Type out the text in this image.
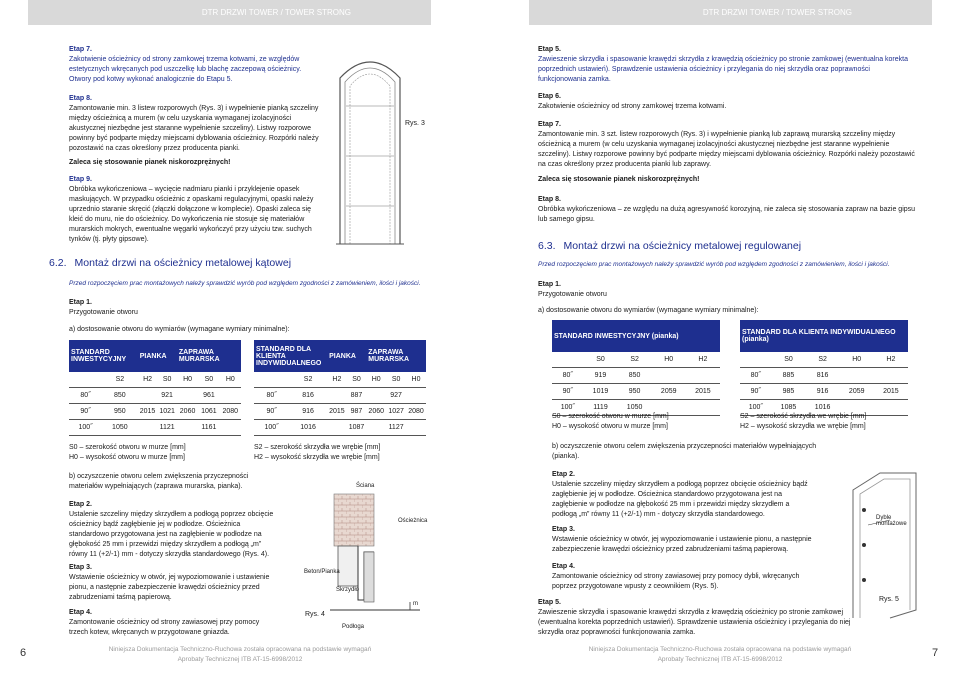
DTR DRZWI TOWER / TOWER STRONG	DTR DRZWI TOWER / TOWER STRONG
Etap 7.
Zakotwienie ościeżnicy od strony zamkowej trzema kotwami, ze względów estetycznych wkręcanych pod uszczelkę lub blachę zaczepową ościeżnicy. Otwory pod kotwy wykonać analogicznie do Etapu 5.
Etap 8.
Zamontowanie min. 3 listew rozporowych (Rys. 3) i wypełnienie pianką szczeliny między ościeżnicą a murem (w celu uzyskania wymaganej izolacyjności akustycznej niezbędne jest staranne wypełnienie szczeliny). Listwy rozporowe powinny być podparte między miejscami dyblowania ościeżnicy. Rozpórki należy pozostawić na czas określony przez producenta pianki.
Zaleca się stosowanie pianek niskorozprężnych!
Etap 9.
Obróbka wykończeniowa – wycięcie nadmiaru pianki i przyklejenie opasek maskujących. W przypadku ościeżnic z opaskami regulacyjnymi, opaski należy uprzednio staranie skręcić (złączki dołączone w komplecie). Opaski zaleca się kleić do muru, nie do ościeżnicy. Do wykończenia nie stosuje się materiałów murarskich mokrych, ewentualne węgarki wykończyć przy użyciu tzw. suchych tynków (tj. płyty gipsowe).
Rys. 3
6.2. Montaż drzwi na ościeżnicy metalowej kątowej
Przed rozpoczęciem prac montażowych należy sprawdzić wyrób pod względem zgodności z zamówieniem, ilości i jakości.
Etap 1.
Przygotowanie otworu
a) dostosowanie otworu do wymiarów (wymagane wymiary minimalne):
STANDARD INWESTYCYJNY		PIANKA		ZAPRAWA MURARSKA		
	S2	H2	S0	H0	S0	H0
80˝	850		921		961	
90˝	950	2015	1021	2060	1061	2080
100˝	1050		1121		1161	
STANDARD DLA KLIENTA INDYWIDUALNEGO		PIANKA		ZAPRAWA MURARSKA		
	S2	H2	S0	H0	S0	H0
80˝	816		887		927	
90˝	916	2015	987	2060	1027	2080
100˝	1016		1087		1127	
S0 – szerokość otworu w murze [mm]
H0 – wysokość otworu w murze [mm]
S2 – szerokość skrzydła we wrębie [mm]
H2 – wysokość skrzydła we wrębie [mm]
b) oczyszczenie otworu celem zwiększenia przyczepności materiałów wypełniających (zaprawa murarska, pianka).
Etap 2.
Ustalenie szczeliny między skrzydłem a podłogą poprzez obcięcie ościeżnicy bądź zagłębienie jej w podłodze. Ościeżnica standardowo przygotowana jest na zagłębienie w podłodze na głębokość 25 mm i przewidzi między skrzydłem a podłogą „m” równy 11 (+2/-1) mm - dotyczy skrzydła standardowego (Rys. 4).
Etap 3.
Wstawienie ościeżnicy w otwór, jej wypoziomowanie i ustawienie pionu, a następnie zabezpieczenie krawędzi ościeżnicy przed zabrudzeniami taśmą papierową.
Etap 4.
Zamontowanie ościeżnicy od strony zawiasowej przy pomocy trzech kotew, wkręcanych w przygotowane gniazda.
Ściana
Ościeżnica
Beton/Pianka
Skrzydło
Podłoga
m
Rys. 4
6	Niniejsza Dokumentacja Techniczno-Ruchowa została opracowana na podstawie wymagań Aprobaty Technicznej ITB AT-15-6998/2012
Etap 5.
Zawieszenie skrzydła i spasowanie krawędzi skrzydła z krawędzią ościeżnicy po stronie zamkowej (ewentualna korekta poprzednich ustawień). Sprawdzenie ustawienia ościeżnicy i przylegania do niej skrzydła oraz poprawności funkcjonowania zamka.
Etap 6.
Zakotwienie ościeżnicy od strony zamkowej trzema kotwami.
Etap 7.
Zamontowanie min. 3 szt. listew rozporowych (Rys. 3) i wypełnienie pianką lub zaprawą murarską szczeliny między ościeżnicą a murem (w celu uzyskania wymaganej izolacyjności akustycznej niezbędne jest staranne wypełnienie szczeliny). Listwy rozporowe powinny być podparte między miejscami dyblowania ościeżnicy. Rozpórki należy pozostawić na czas określony przez producenta pianki lub zaprawy.
Zaleca się stosowanie pianek niskorozprężnych!
Etap 8.
Obróbka wykończeniowa – ze względu na dużą agresywność korozyjną, nie zaleca się stosowania zapraw na bazie gipsu lub samego gipsu.
6.3. Montaż drzwi na ościeżnicy metalowej regulowanej
Przed rozpoczęciem prac montażowych należy sprawdzić wyrób pod względem zgodności z zamówieniem, ilości i jakości.
Etap 1.
Przygotowanie otworu
a) dostosowanie otworu do wymiarów (wymagane wymiary minimalne):
STANDARD INWESTYCYJNY (pianka)				
	S0	S2	H0	H2
80˝	919	850		
90˝	1019	950	2059	2015
100˝	1119	1050		
STANDARD DLA KLIENTA INDYWIDUALNEGO (pianka)				
	S0	S2	H0	H2
80˝	885	816		
90˝	985	916	2059	2015
100˝	1085	1016		
S0 – szerokość otworu w murze [mm]
H0 – wysokość otworu w murze [mm]
S2 – szerokość skrzydła we wrębie [mm]
H2 – wysokość skrzydła we wrębie [mm]
b) oczyszczenie otworu celem zwiększenia przyczepności materiałów wypełniających (pianka).
Etap 2.
Ustalenie szczeliny między skrzydłem a podłogą poprzez obcięcie ościeżnicy bądź zagłębienie jej w podłodze. Ościeżnica standardowo przygotowana jest na zagłębienie w podłodze na głębokość 25 mm i przewidzi między skrzydłem a podłogą „m” równy 11 (+2/-1) mm - dotyczy skrzydła standardowego.
Etap 3.
Wstawienie ościeżnicy w otwór, jej wypoziomowanie i ustawienie pionu, a następnie zabezpieczenie krawędzi ościeżnicy przed zabrudzeniami taśmą papierową.
Etap 4.
Zamontowanie ościeżnicy od strony zawiasowej przy pomocy dybli, wkręcanych poprzez przygotowane wpusty z ceownikiem (Rys. 5).
Etap 5.
Zawieszenie skrzydła i spasowanie krawędzi skrzydła z krawędzią ościeżnicy po stronie zamkowej (ewentualna korekta poprzednich ustawień). Sprawdzenie ustawienia ościeżnicy i przylegania do niej skrzydła oraz poprawności funkcjonowania zamka.
Dyble montażowe
Rys. 5
7
Niniejsza Dokumentacja Techniczno-Ruchowa została opracowana na podstawie wymagań Aprobaty Technicznej ITB AT-15-6998/2012
